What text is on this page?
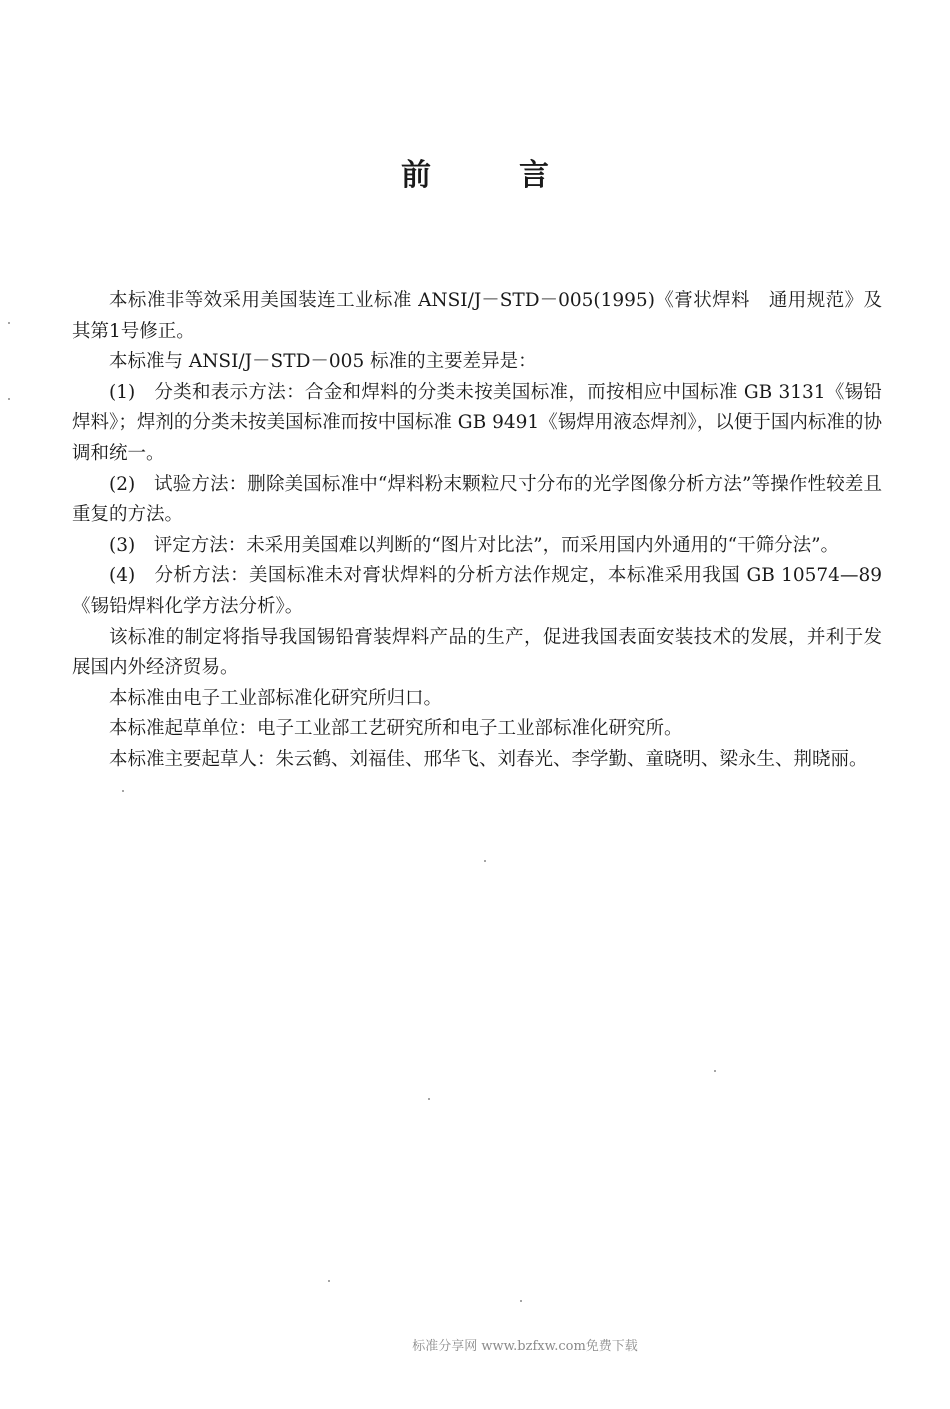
前	言

本标准非等效采用美国装连工业标准 ANSI/J－STD－005(1995)《膏状焊料　通用规范》及其第1号修正。

本标准与 ANSI/J－STD－005 标准的主要差异是：

(1)　分类和表示方法：合金和焊料的分类未按美国标准，而按相应中国标准 GB 3131《锡铅焊料》；焊剂的分类未按美国标准而按中国标准 GB 9491《锡焊用液态焊剂》，以便于国内标准的协调和统一。

(2)　试验方法：删除美国标准中“焊料粉末颗粒尺寸分布的光学图像分析方法”等操作性较差且重复的方法。

(3)　评定方法：未采用美国难以判断的“图片对比法”，而采用国内外通用的“干筛分法”。

(4)　分析方法：美国标准未对膏状焊料的分析方法作规定，本标准采用我国 GB 10574—89《锡铅焊料化学方法分析》。

该标准的制定将指导我国锡铅膏装焊料产品的生产，促进我国表面安装技术的发展，并利于发展国内外经济贸易。

本标准由电子工业部标准化研究所归口。

本标准起草单位：电子工业部工艺研究所和电子工业部标准化研究所。

本标准主要起草人：朱云鹤、刘福佳、邢华飞、刘春光、李学勤、童晓明、梁永生、荆晓丽。

标准分享网 www.bzfxw.com免费下载
